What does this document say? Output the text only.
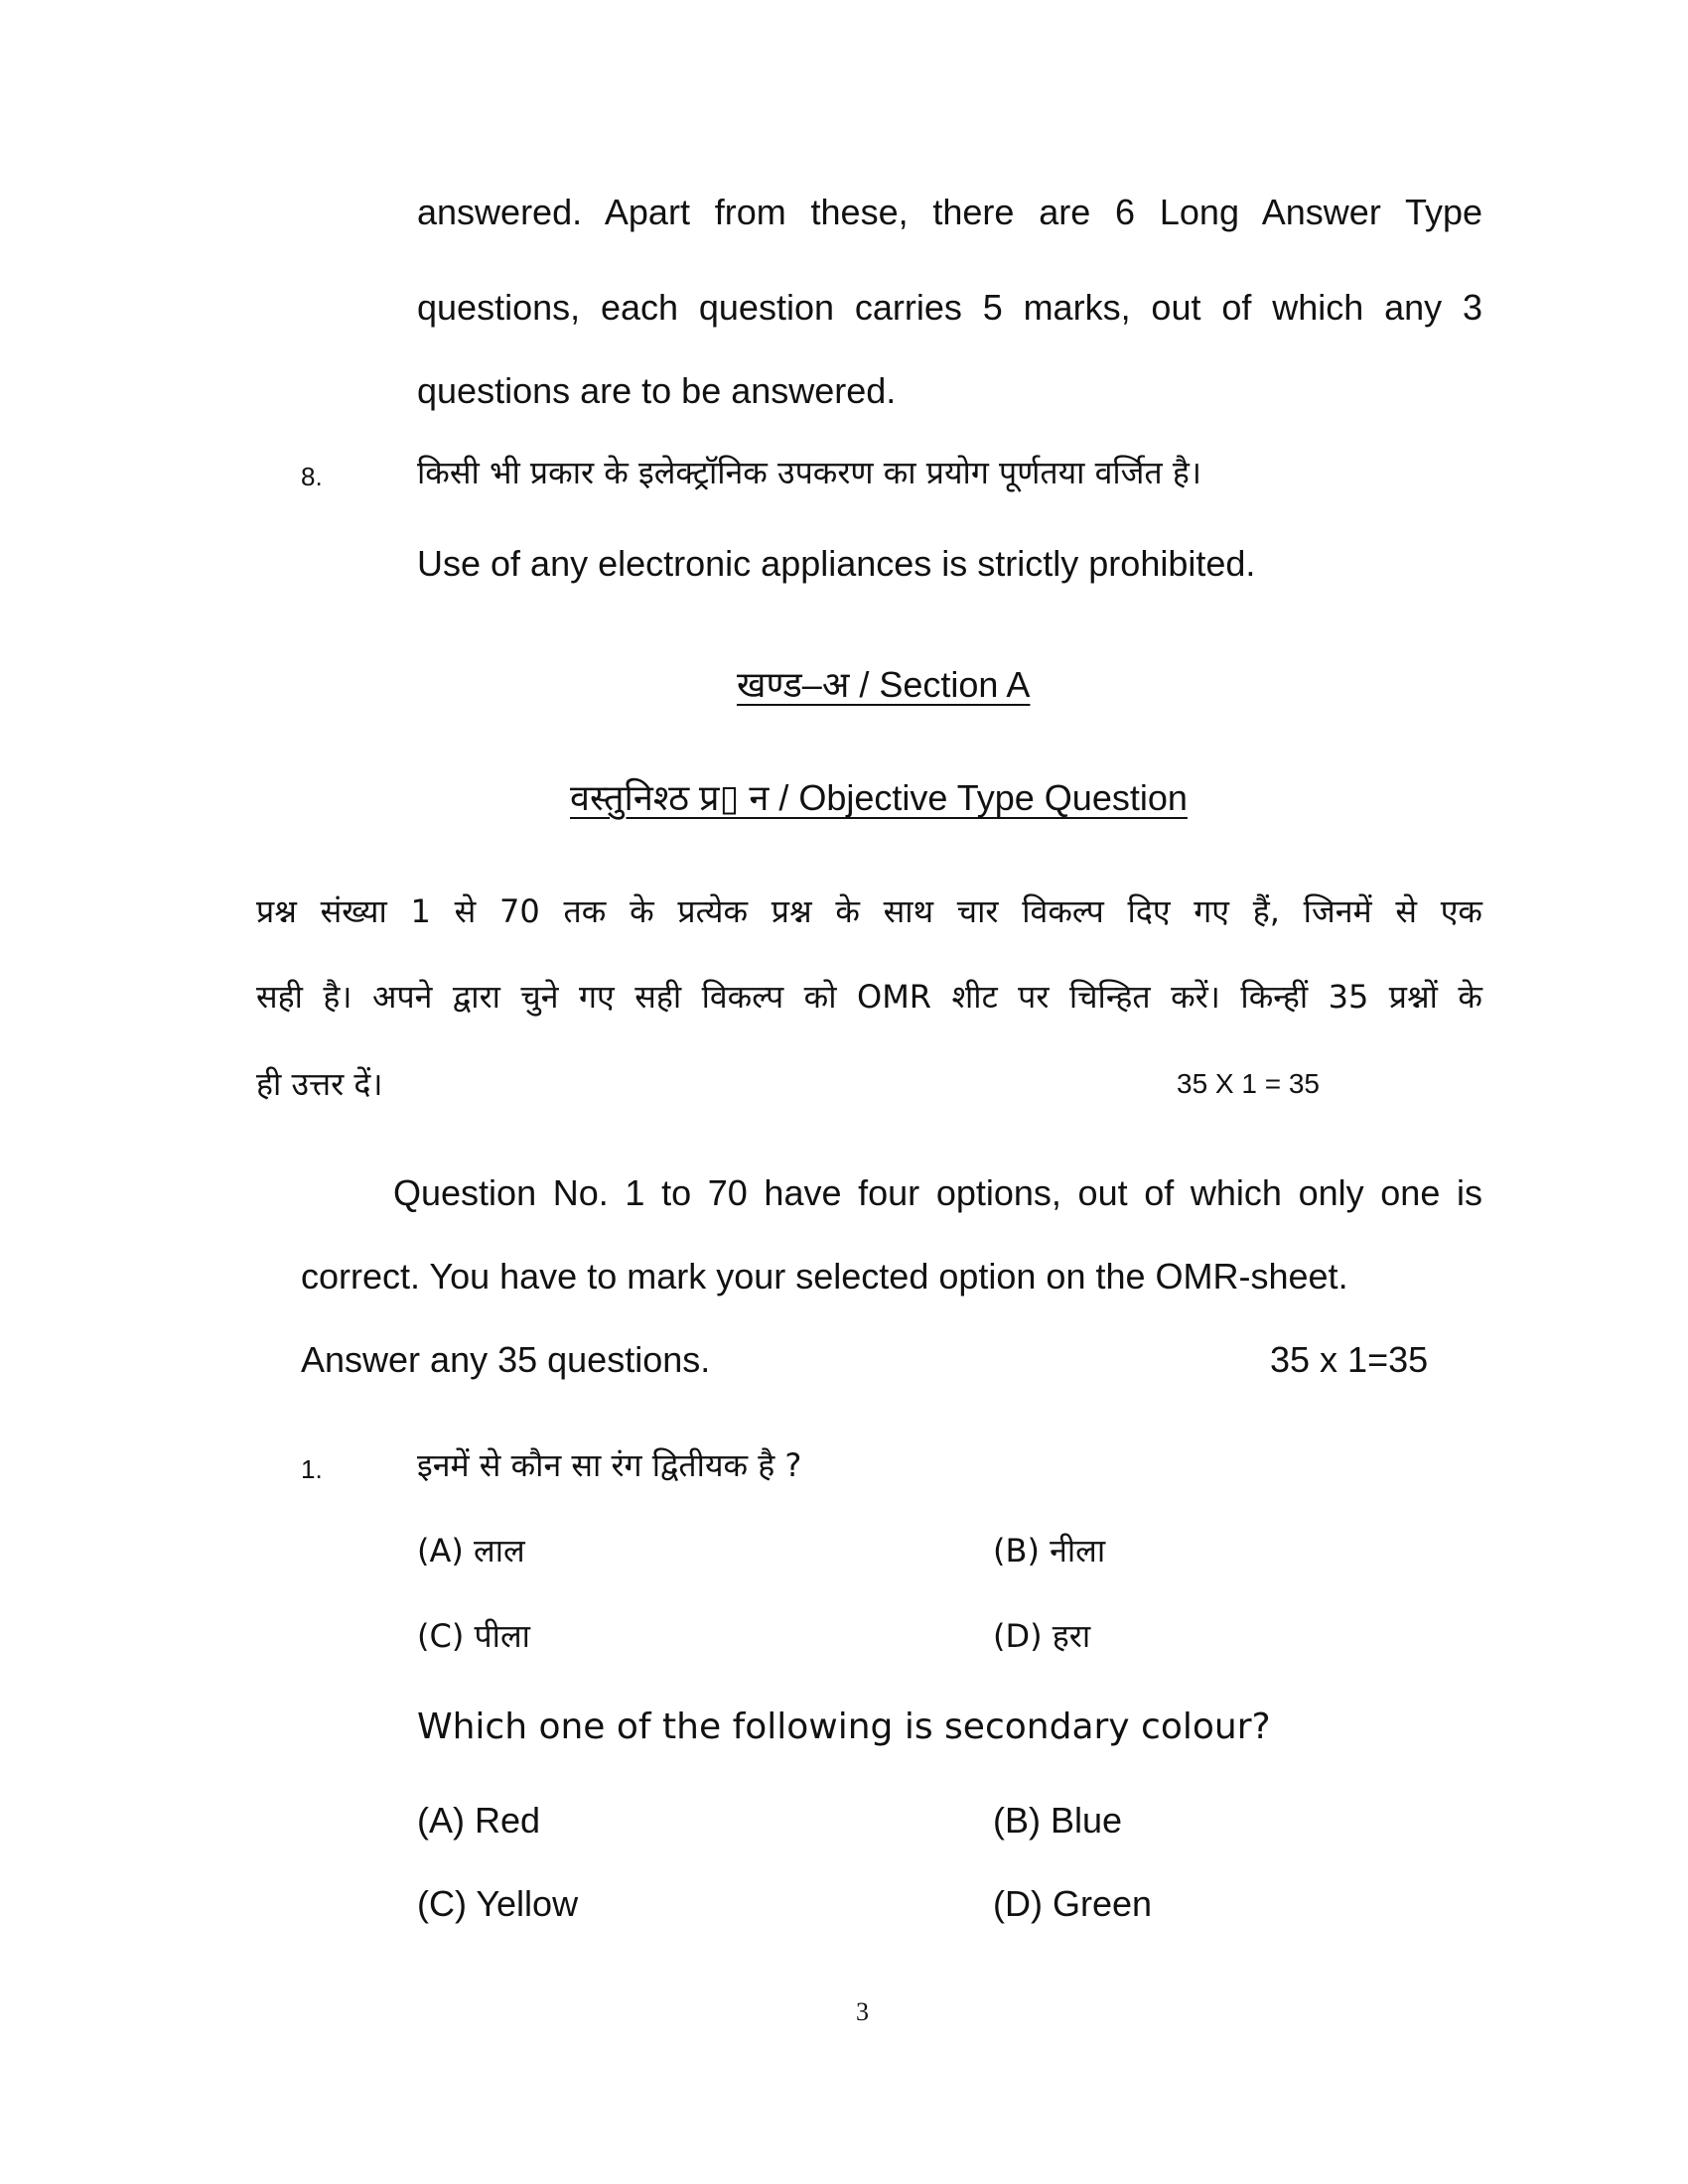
answered. Apart from these, there are 6 Long Answer Type
questions, each question carries 5 marks, out of which any 3
questions are to be answered.
8.	किसी भी प्रकार के इलेक्ट्रॉनिक उपकरण का प्रयोग पूर्णतया वर्जित है।
Use of any electronic appliances is strictly prohibited.
खण्ड–अ / Section A
वस्तुनिश्ठ प्र▯ न / Objective Type Question
प्रश्न संख्या 1 से 70 तक के प्रत्येक प्रश्न के साथ चार विकल्प दिए गए हैं, जिनमें से एक
सही है। अपने द्वारा चुने गए सही विकल्प को OMR शीट पर चिन्हित करें। किन्हीं 35 प्रश्नों के
ही उत्तर दें।	35 X 1 = 35
Question No. 1 to 70 have four options, out of which only one is
correct. You have to mark your selected option on the OMR-sheet.
Answer any 35 questions.	35 x 1=35
1.	इनमें से कौन सा रंग द्वितीयक है ?
(A) लाल	(B) नीला
(C) पीला	(D) हरा
Which one of the following is secondary colour?
(A) Red	(B) Blue
(C) Yellow	(D) Green
3
